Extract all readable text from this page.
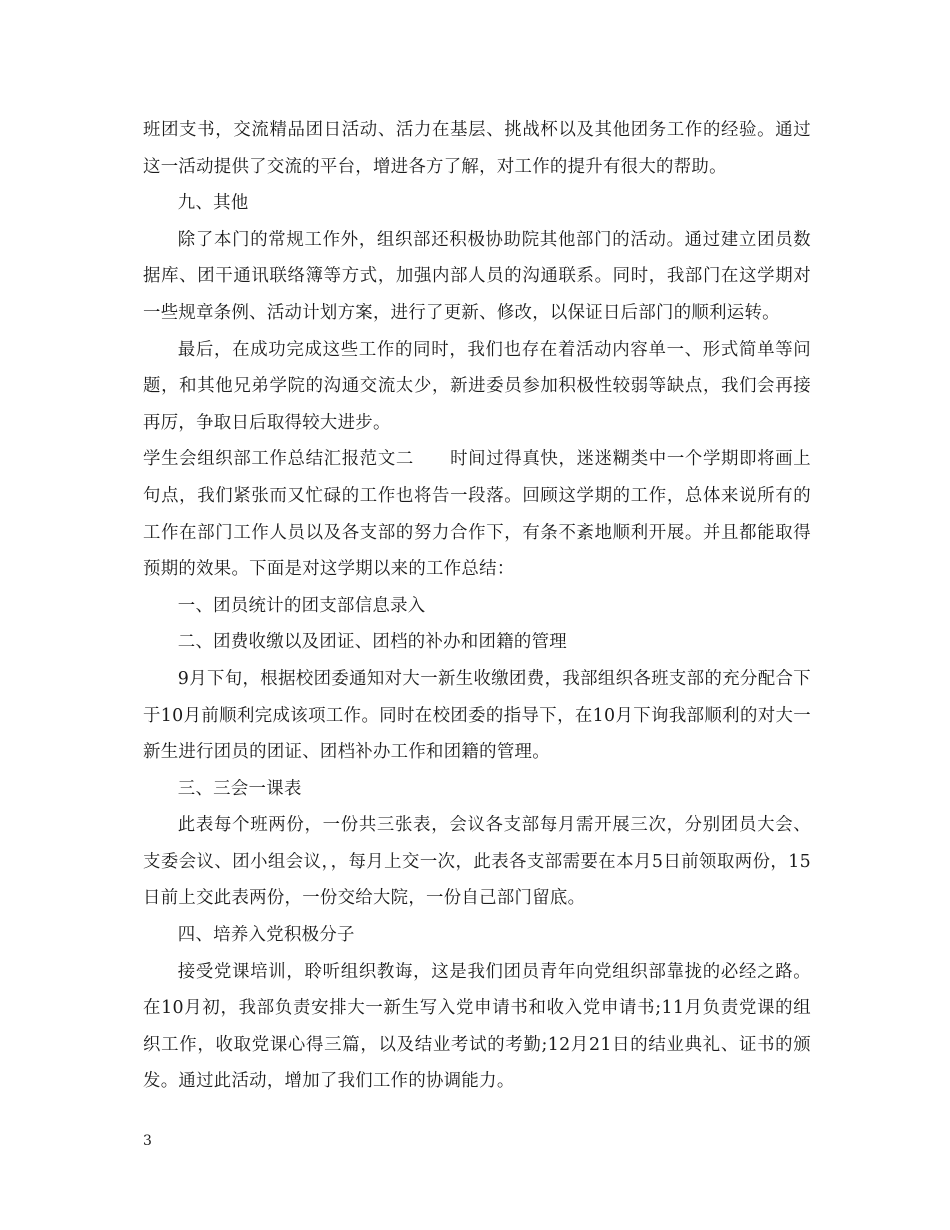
班团支书，交流精品团日活动、活力在基层、挑战杯以及其他团务工作的经验。通过这一活动提供了交流的平台，增进各方了解，对工作的提升有很大的帮助。

九、其他

除了本门的常规工作外，组织部还积极协助院其他部门的活动。通过建立团员数据库、团干通讯联络簿等方式，加强内部人员的沟通联系。同时，我部门在这学期对一些规章条例、活动计划方案，进行了更新、修改，以保证日后部门的顺利运转。

最后，在成功完成这些工作的同时，我们也存在着活动内容单一、形式简单等问题，和其他兄弟学院的沟通交流太少，新进委员参加积极性较弱等缺点，我们会再接再厉，争取日后取得较大进步。

学生会组织部工作总结汇报范文二　　时间过得真快，迷迷糊类中一个学期即将画上句点，我们紧张而又忙碌的工作也将告一段落。回顾这学期的工作，总体来说所有的工作在部门工作人员以及各支部的努力合作下，有条不紊地顺利开展。并且都能取得预期的效果。下面是对这学期以来的工作总结：

一、团员统计的团支部信息录入

二、团费收缴以及团证、团档的补办和团籍的管理

9月下旬，根据校团委通知对大一新生收缴团费，我部组织各班支部的充分配合下于10月前顺利完成该项工作。同时在校团委的指导下，在10月下询我部顺利的对大一新生进行团员的团证、团档补办工作和团籍的管理。

三、三会一课表

此表每个班两份，一份共三张表，会议各支部每月需开展三次，分别团员大会、支委会议、团小组会议，，每月上交一次，此表各支部需要在本月5日前领取两份，15日前上交此表两份，一份交给大院，一份自己部门留底。

四、培养入党积极分子

接受党课培训，聆听组织教诲，这是我们团员青年向党组织部靠拢的必经之路。在10月初，我部负责安排大一新生写入党申请书和收入党申请书;11月负责党课的组织工作，收取党课心得三篇，以及结业考试的考勤;12月21日的结业典礼、证书的颁发。通过此活动，增加了我们工作的协调能力。

3
